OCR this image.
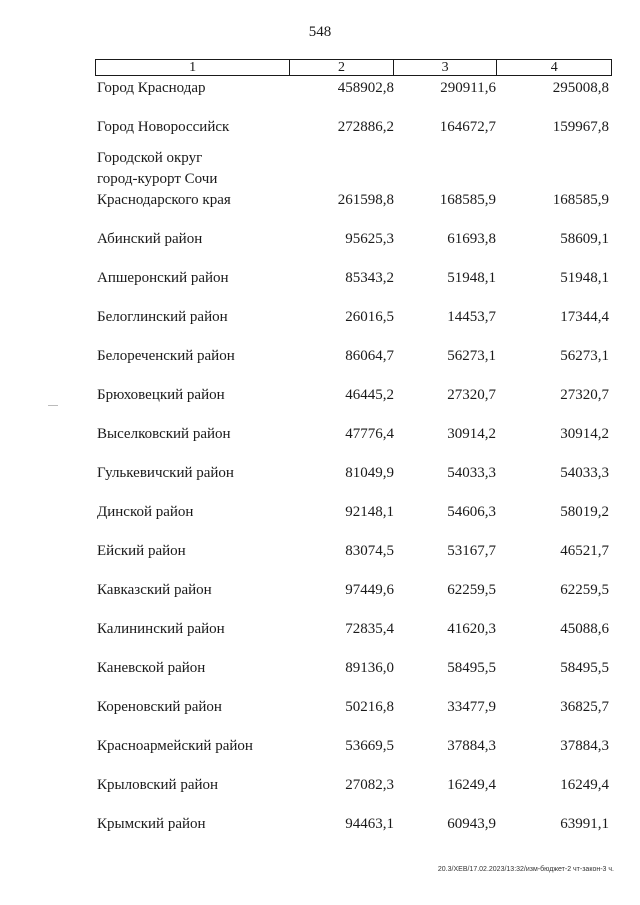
548
1	2	3	4
Город Краснодар	458902,8	290911,6	295008,8
Город Новороссийск	272886,2	164672,7	159967,8
Городской округ
город-курорт Сочи
Краснодарского края	261598,8	168585,9	168585,9
Абинский район	95625,3	61693,8	58609,1
Апшеронский район	85343,2	51948,1	51948,1
Белоглинский район	26016,5	14453,7	17344,4
Белореченский район	86064,7	56273,1	56273,1
Брюховецкий район	46445,2	27320,7	27320,7
Выселковский район	47776,4	30914,2	30914,2
Гулькевичский район	81049,9	54033,3	54033,3
Динской район	92148,1	54606,3	58019,2
Ейский район	83074,5	53167,7	46521,7
Кавказский район	97449,6	62259,5	62259,5
Калининский район	72835,4	41620,3	45088,6
Каневской район	89136,0	58495,5	58495,5
Кореновский район	50216,8	33477,9	36825,7
Красноармейский район	53669,5	37884,3	37884,3
Крыловский район	27082,3	16249,4	16249,4
Крымский район	94463,1	60943,9	63991,1
20.3/ХЕВ/17.02.2023/13:32/изм-бюджет-2 чт-закон-3 ч.
